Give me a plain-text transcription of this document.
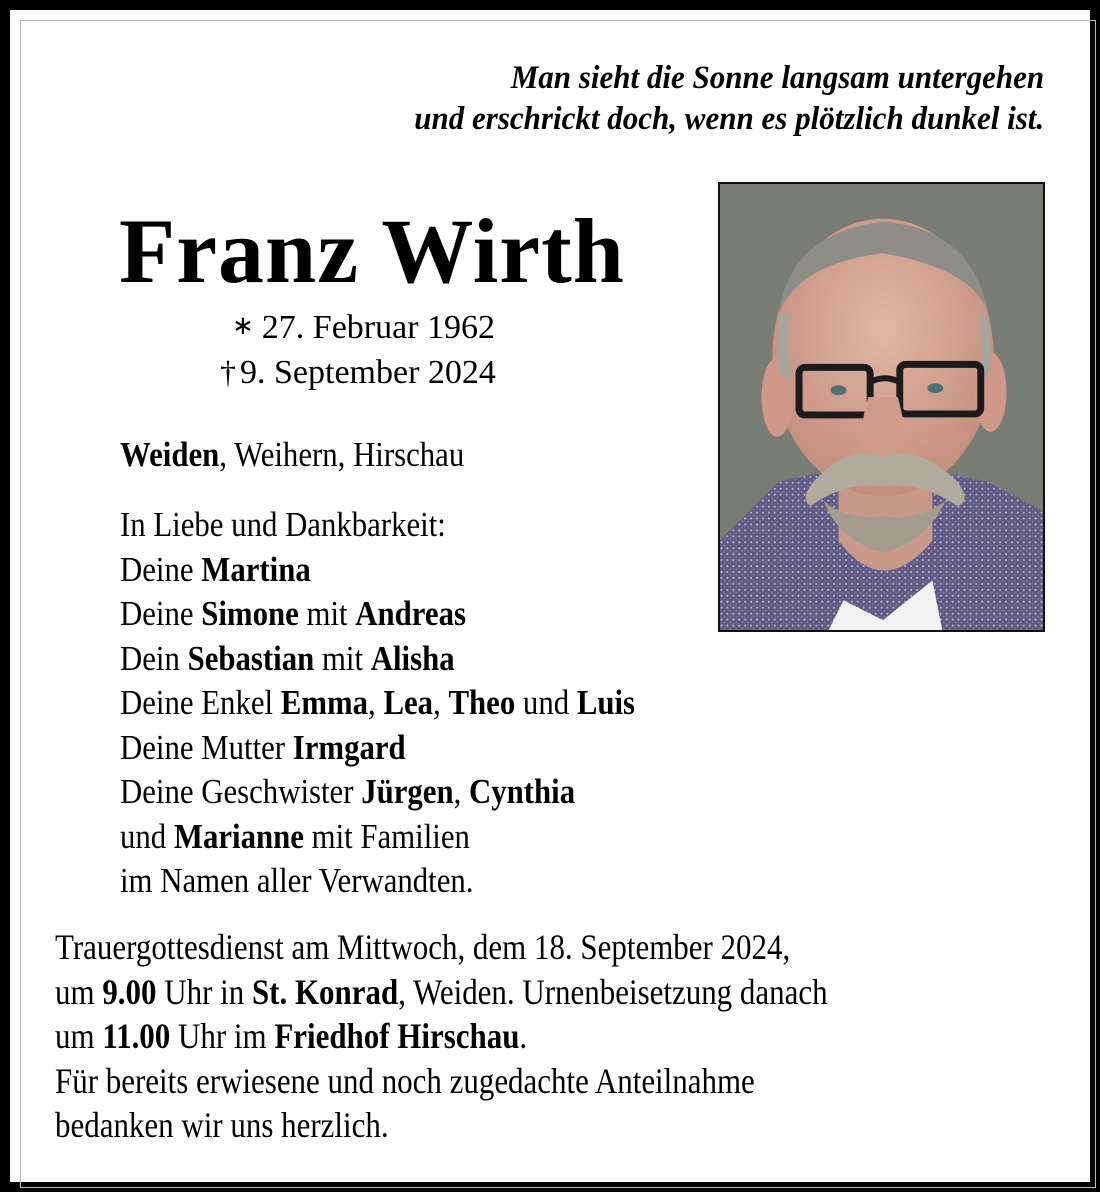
Man sieht die Sonne langsam untergehen
und erschrickt doch, wenn es plötzlich dunkel ist.
Franz Wirth
∗ 27. Februar 1962
† 9. September 2024
Weiden, Weihern, Hirschau
In Liebe und Dankbarkeit:
Deine Martina
Deine Simone mit Andreas
Dein Sebastian mit Alisha
Deine Enkel Emma, Lea, Theo und Luis
Deine Mutter Irmgard
Deine Geschwister Jürgen, Cynthia
und Marianne mit Familien
im Namen aller Verwandten.
Trauergottesdienst am Mittwoch, dem 18. September 2024,
um 9.00 Uhr in St. Konrad, Weiden. Urnenbeisetzung danach
um 11.00 Uhr im Friedhof Hirschau.
Für bereits erwiesene und noch zugedachte Anteilnahme
bedanken wir uns herzlich.
